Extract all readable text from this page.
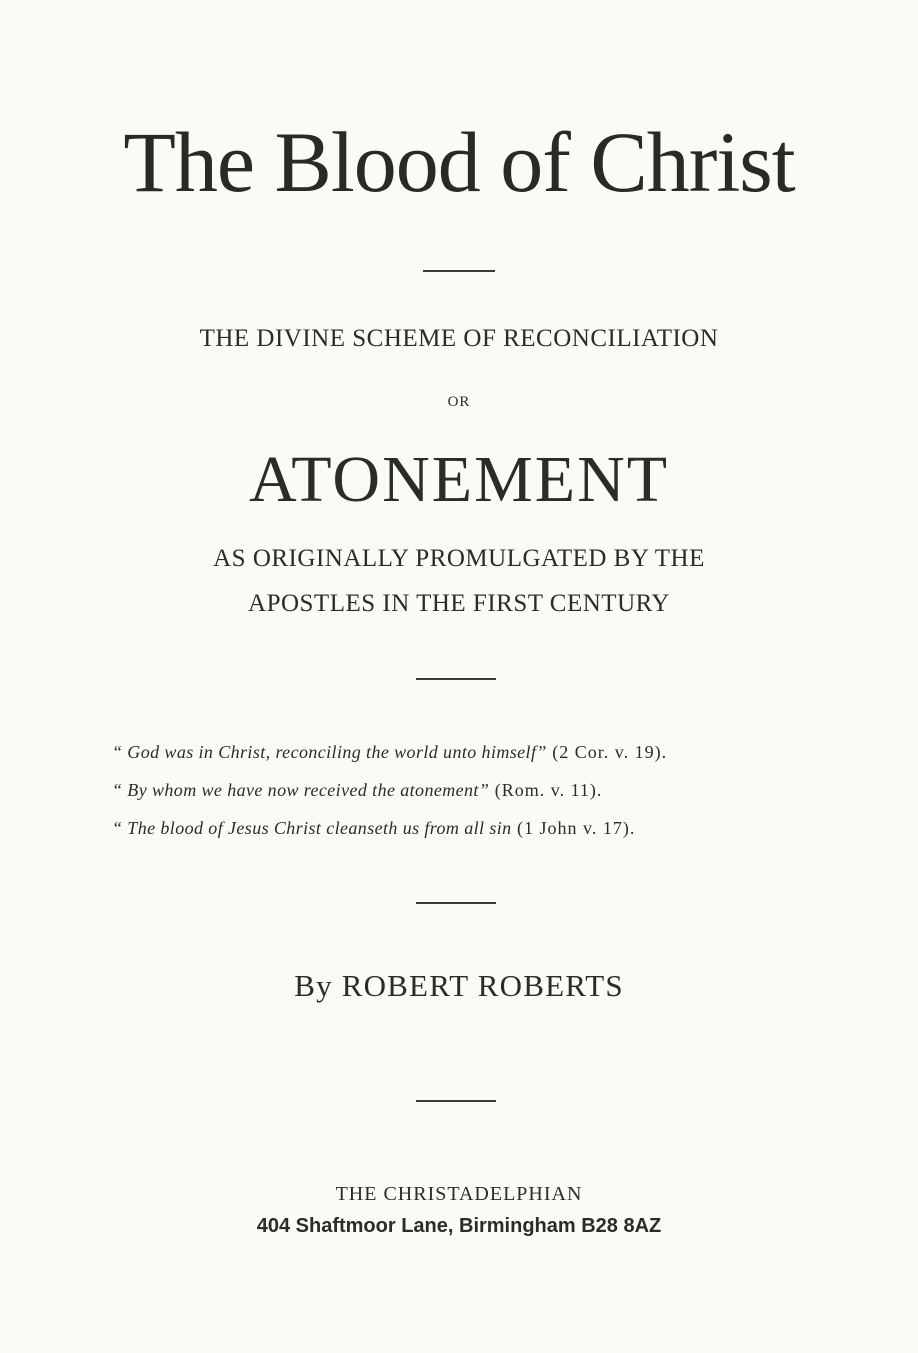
The Blood of Christ
THE DIVINE SCHEME OF RECONCILIATION
OR
ATONEMENT
AS ORIGINALLY PROMULGATED BY THE
APOSTLES IN THE FIRST CENTURY
“ God was in Christ, reconciling the world unto himself” (2 Cor. v. 19).
“ By whom we have now received the atonement” (Rom. v. 11).
“ The blood of Jesus Christ cleanseth us from all sin (1 John v. 17).
By ROBERT ROBERTS
THE CHRISTADELPHIAN
404 Shaftmoor Lane, Birmingham B28 8AZ
